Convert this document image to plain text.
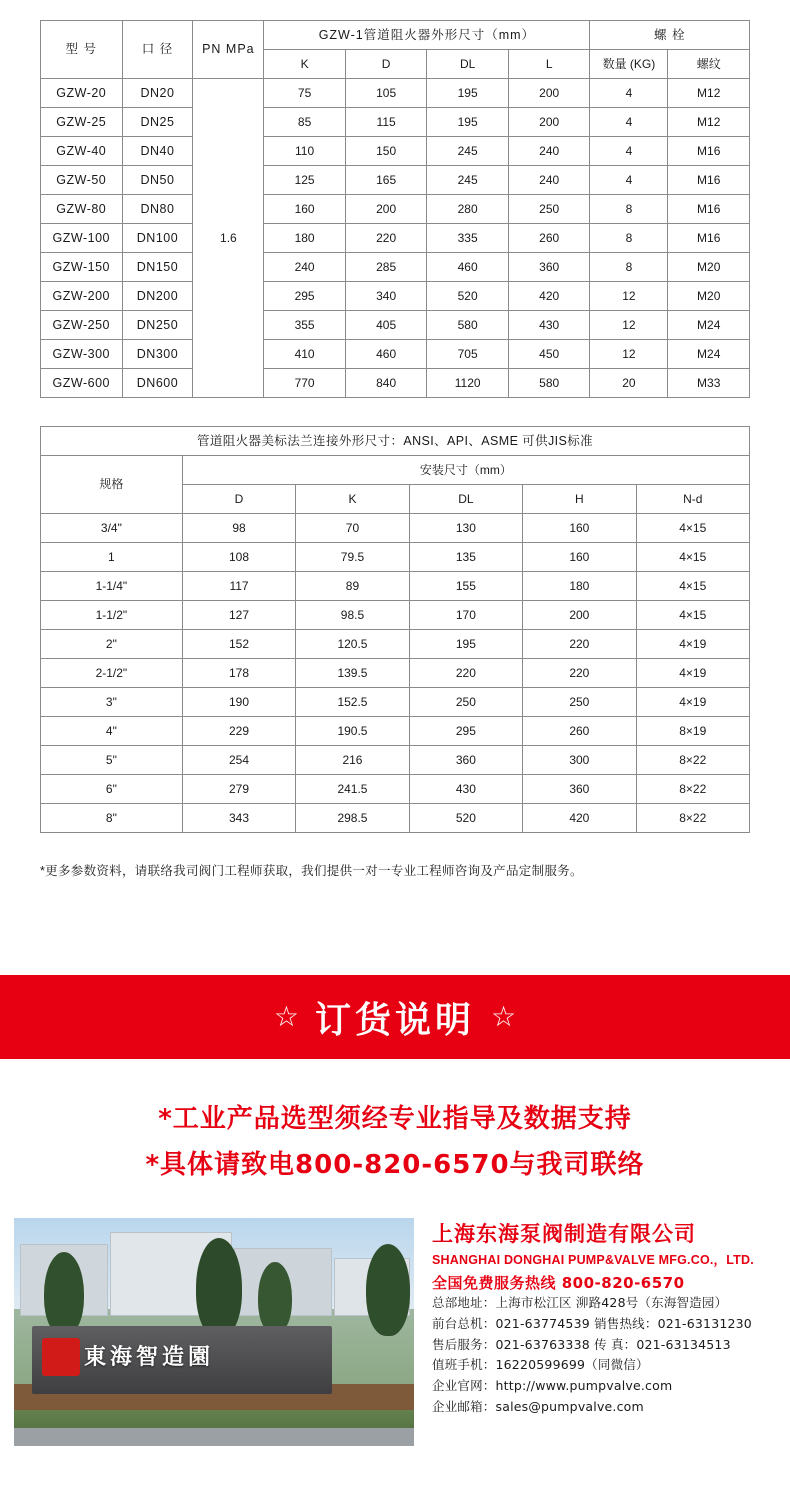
型 号	口 径	PN MPa	GZW-1管道阻火器外形尺寸（mm）				螺 栓	
			K	D	DL	L	数量 (KG)	螺纹
GZW-20	DN20	1.6	75	105	195	200	4	M12
GZW-25	DN25		85	115	195	200	4	M12
GZW-40	DN40		110	150	245	240	4	M16
GZW-50	DN50		125	165	245	240	4	M16
GZW-80	DN80		160	200	280	250	8	M16
GZW-100	DN100		180	220	335	260	8	M16
GZW-150	DN150		240	285	460	360	8	M20
GZW-200	DN200		295	340	520	420	12	M20
GZW-250	DN250		355	405	580	430	12	M24
GZW-300	DN300		410	460	705	450	12	M24
GZW-600	DN600		770	840	1120	580	20	M33
管道阻火器美标法兰连接外形尺寸：ANSI、API、ASME 可供JIS标准					
规格	安装尺寸（mm）				
	D	K	DL	H	N-d
3/4"	98	70	130	160	4×15
1	108	79.5	135	160	4×15
1-1/4"	117	89	155	180	4×15
1-1/2"	127	98.5	170	200	4×15
2"	152	120.5	195	220	4×19
2-1/2"	178	139.5	220	220	4×19
3"	190	152.5	250	250	4×19
4"	229	190.5	295	260	8×19
5"	254	216	360	300	8×22
6"	279	241.5	430	360	8×22
8"	343	298.5	520	420	8×22
*更多参数资料，请联络我司阀门工程师获取，我们提供一对一专业工程师咨询及产品定制服务。
☆ 订货说明 ☆
*工业产品选型须经专业指导及数据支持
*具体请致电800-820-6570与我司联络
東海智造園
上海东海泵阀制造有限公司
SHANGHAI DONGHAI PUMP&VALVE MFG.CO.，LTD.
全国免费服务热线 800-820-6570
总部地址：上海市松江区 泖路428号（东海智造园）
前台总机：021-63774539 销售热线：021-63131230
售后服务：021-63763338 传 真：021-63134513
值班手机：16220599699（同微信）
企业官网：http://www.pumpvalve.com
企业邮箱：sales@pumpvalve.com
